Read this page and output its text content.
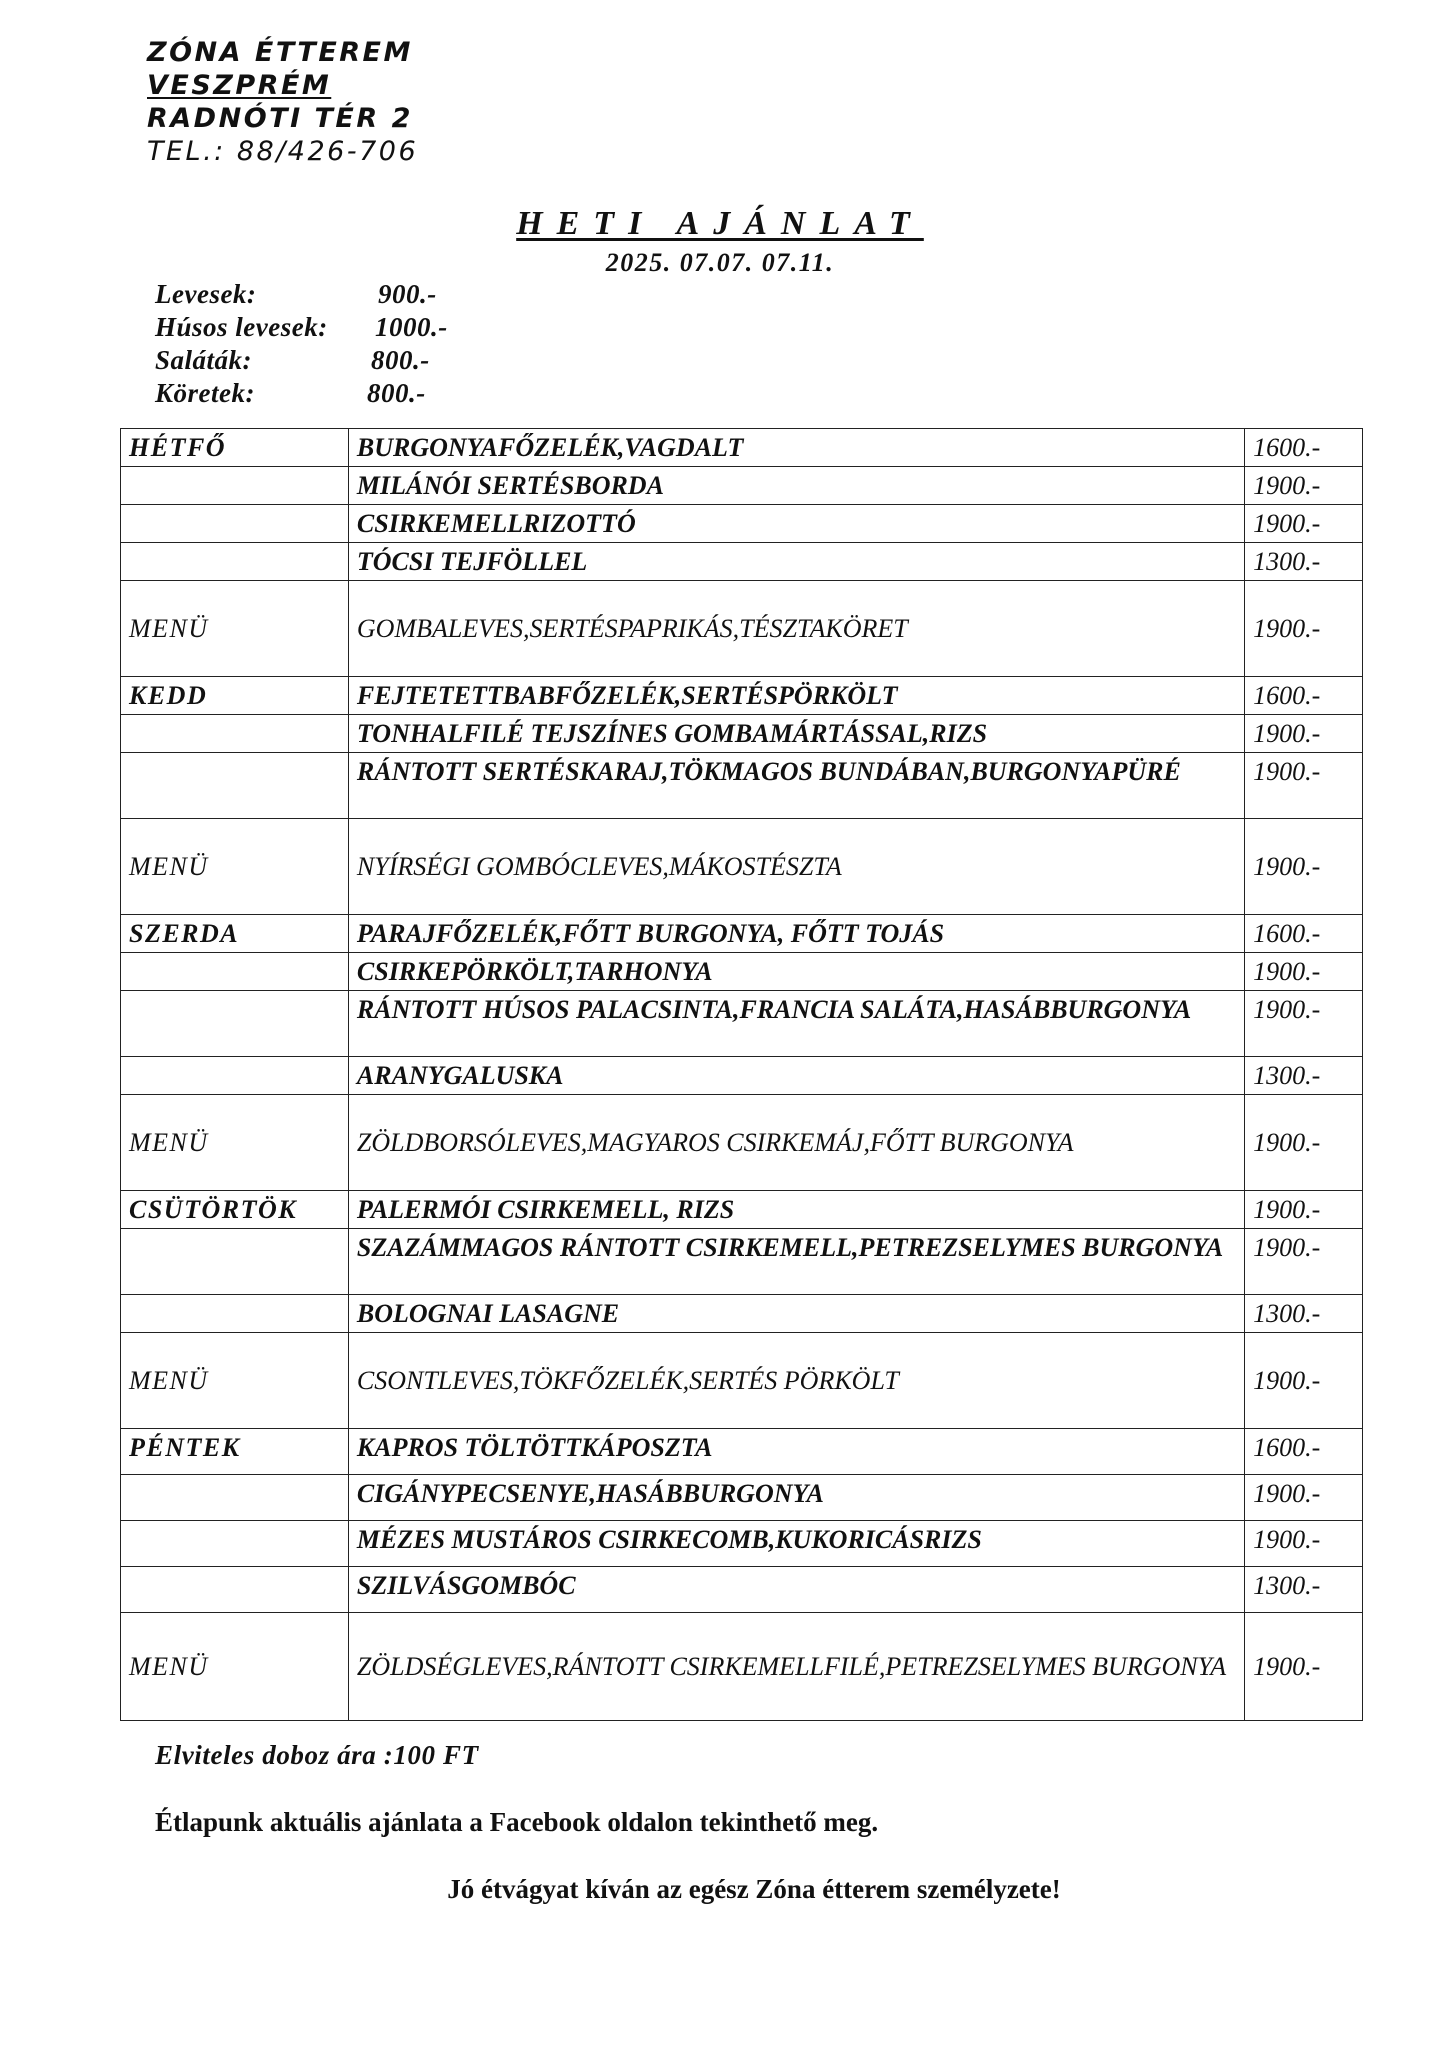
ZÓNA ÉTTEREM
VESZPRÉM
RADNÓTI TÉR 2
TEL.: 88/426-706
HETI AJÁNLAT
2025. 07.07. 07.11.
Levesek:	900.-
Húsos levesek: 1000.-
Saláták:	800.-
Köretek:	800.-
HÉTFŐ	BURGONYAFŐZELÉK,VAGDALT	1600.-
	MILÁNÓI SERTÉSBORDA	1900.-
	CSIRKEMELLRIZOTTÓ	1900.-
	TÓCSI TEJFÖLLEL	1300.-
MENÜ	GOMBALEVES,SERTÉSPAPRIKÁS,TÉSZTAKÖRET	1900.-
KEDD	FEJTETETTBABFŐZELÉK,SERTÉSPÖRKÖLT	1600.-
	TONHALFILÉ TEJSZÍNES GOMBAMÁRTÁSSAL,RIZS	1900.-
	RÁNTOTT SERTÉSKARAJ,TÖKMAGOS BUNDÁBAN,BURGONYAPÜRÉ	1900.-
MENÜ	NYÍRSÉGI GOMBÓCLEVES,MÁKOSTÉSZTA	1900.-
SZERDA	PARAJFŐZELÉK,FŐTT BURGONYA, FŐTT TOJÁS	1600.-
	CSIRKEPÖRKÖLT,TARHONYA	1900.-
	RÁNTOTT HÚSOS PALACSINTA,FRANCIA SALÁTA,HASÁBBURGONYA	1900.-
	ARANYGALUSKA	1300.-
MENÜ	ZÖLDBORSÓLEVES,MAGYAROS CSIRKEMÁJ,FŐTT BURGONYA	1900.-
CSÜTÖRTÖK	PALERMÓI CSIRKEMELL, RIZS	1900.-
	SZAZÁMMAGOS RÁNTOTT CSIRKEMELL,PETREZSELYMES BURGONYA	1900.-
	BOLOGNAI LASAGNE	1300.-
MENÜ	CSONTLEVES,TÖKFŐZELÉK,SERTÉS PÖRKÖLT	1900.-
PÉNTEK	KAPROS TÖLTÖTTKÁPOSZTA	1600.-
	CIGÁNYPECSENYE,HASÁBBURGONYA	1900.-
	MÉZES MUSTÁROS CSIRKECOMB,KUKORICÁSRIZS	1900.-
	SZILVÁSGOMBÓC	1300.-
MENÜ	ZÖLDSÉGLEVES,RÁNTOTT CSIRKEMELLFILÉ,PETREZSELYMES BURGONYA	1900.-
Elviteles doboz ára :100 FT
Étlapunk aktuális ajánlata a Facebook oldalon tekinthető meg.
Jó étvágyat kíván az egész Zóna étterem személyzete!
